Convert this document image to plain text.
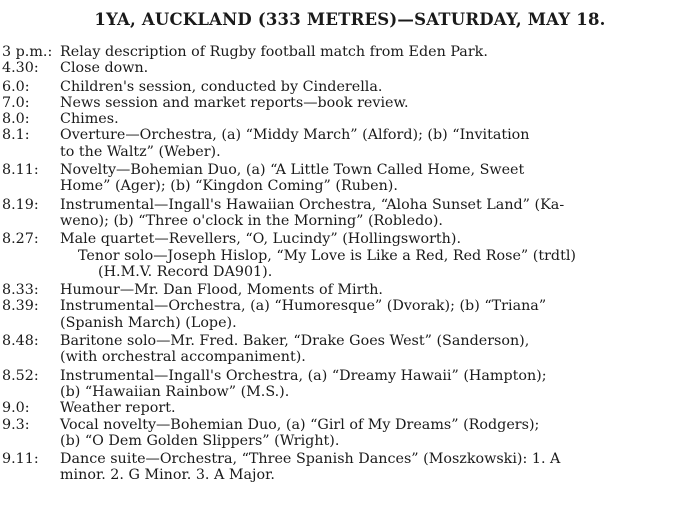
1YA, AUCKLAND (333 METRES)—SATURDAY, MAY 18.
3 p.m.: Relay description of Rugby football match from Eden Park.
4.30: Close down.
6.0: Children's session, conducted by Cinderella.
7.0: News session and market reports—book review.
8.0: Chimes.
8.1: Overture—Orchestra, (a) “Middy March” (Alford); (b) “Invitation
to the Waltz” (Weber).
8.11: Novelty—Bohemian Duo, (a) “A Little Town Called Home, Sweet
Home” (Ager); (b) “Kingdon Coming” (Ruben).
8.19: Instrumental—Ingall's Hawaiian Orchestra, “Aloha Sunset Land” (Ka-
weno); (b) “Three o'clock in the Morning” (Robledo).
8.27: Male quartet—Revellers, “O, Lucindy” (Hollingsworth).
Tenor solo—Joseph Hislop, “My Love is Like a Red, Red Rose” (trdtl)
(H.M.V. Record DA901).
8.33: Humour—Mr. Dan Flood, Moments of Mirth.
8.39: Instrumental—Orchestra, (a) “Humoresque” (Dvorak); (b) “Triana”
(Spanish March) (Lope).
8.48: Baritone solo—Mr. Fred. Baker, “Drake Goes West” (Sanderson),
(with orchestral accompaniment).
8.52: Instrumental—Ingall's Orchestra, (a) “Dreamy Hawaii” (Hampton);
(b) “Hawaiian Rainbow” (M.S.).
9.0: Weather report.
9.3: Vocal novelty—Bohemian Duo, (a) “Girl of My Dreams” (Rodgers);
(b) “O Dem Golden Slippers” (Wright).
9.11: Dance suite—Orchestra, “Three Spanish Dances” (Moszkowski): 1. A
minor. 2. G Minor. 3. A Major.
